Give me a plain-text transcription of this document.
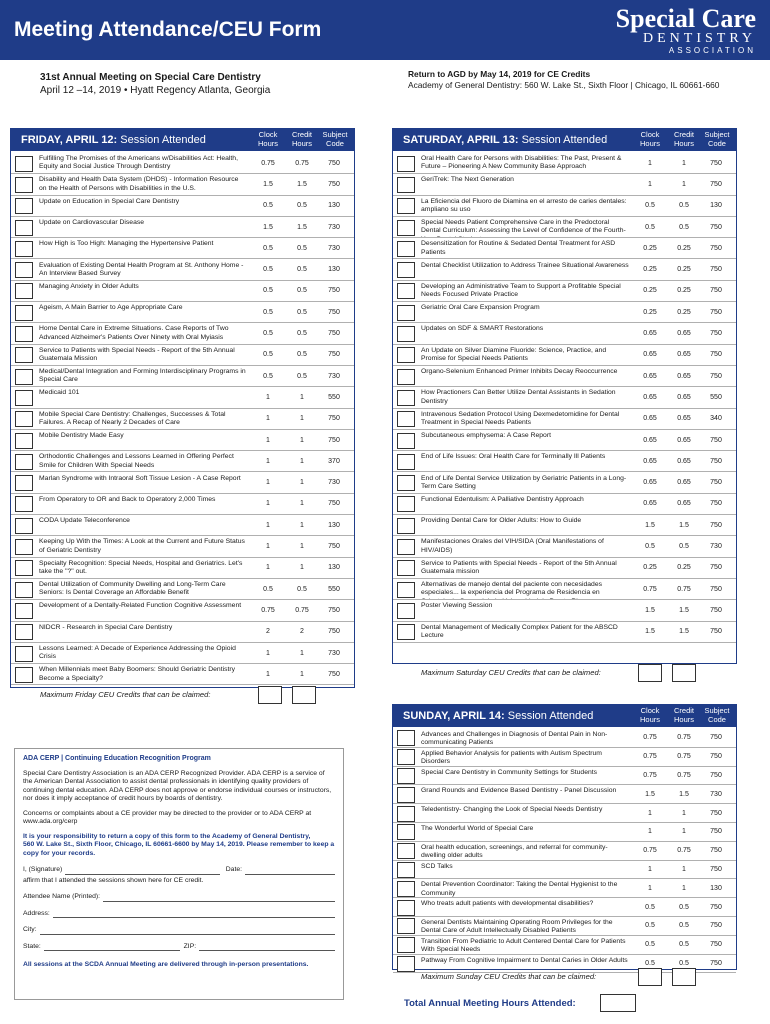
Meeting Attendance/CEU Form	Special Care
DENTISTRY
ASSOCIATION
31st Annual Meeting on Special Care Dentistry
April 12 –14, 2019 • Hyatt Regency Atlanta, Georgia
Return to AGD by May 14, 2019 for CE Credits
Academy of General Dentistry: 560 W. Lake St., Sixth Floor | Chicago, IL 60661-660
FRIDAY, APRIL 12: Session Attended	Clock Hours
Credit Hours
Subject Code
Fulfilling The Promises of the Americans w/Disabilities Act: Health, Equity and Social Justice Through Dentistry
0.75	0.75	750
Disability and Health Data System (DHDS) - Information Resource on the Health of Persons with Disabilities in the U.S.
1.5	1.5	750
Update on Education in Special Care Dentistry
0.5	0.5	130
Update on Cardiovascular Disease
1.5	1.5	730
How High is Too High: Managing the Hypertensive Patient
0.5	0.5	730
Evaluation of Existing Dental Health Program at St. Anthony Home - An Interview Based Survey
0.5	0.5	130
Managing Anxiety in Older Adults
0.5	0.5	750
Ageism, A Main Barrier to Age Appropriate Care
0.5	0.5	750
Home Dental Care in Extreme Situations. Case Reports of Two Advanced Alzheimer's Patients Over Ninety with Oral Myiasis
0.5	0.5	750
Service to Patients with Special Needs - Report of the 5th Annual Guatemala Mission
0.5	0.5	750
Medical/Dental Integration and Forming Interdisciplinary Programs in Special Care
0.5	0.5	730
Medicaid 101
1	1	550
Mobile Special Care Dentistry: Challenges, Successes & Total Failures. A Recap of Nearly 2 Decades of Care
1	1	750
Mobile Dentistry Made Easy
1	1	750
Orthodontic Challenges and Lessons Learned in Offering Perfect Smile for Children With Special Needs
1	1	370
Marlan Syndrome with Intraoral Soft Tissue Lesion - A Case Report
1	1	730
From Operatory to OR and Back to Operatory 2,000 Times
1	1	750
CODA Update Teleconference
1	1	130
Keeping Up With the Times: A Look at the Current and Future Status of Geriatric Dentistry
1	1	750
Specialty Recognition: Special Needs, Hospital and Geriatrics. Let's take the "?" out.
1	1	130
Dental Utilization of Community Dwelling and Long-Term Care Seniors: Is Dental Coverage an Affordable Benefit
0.5	0.5	550
Development of a Dentally-Related Function Cognitive Assessment
0.75	0.75	750
NIDCR - Research in Special Care Dentistry
2	2	750
Lessons Learned: A Decade of Experience Addressing the Opioid Crisis
1	1	730
When Millennials meet Baby Boomers: Should Geriatric Dentistry Become a Specialty?
1	1	750
Maximum Friday CEU Credits that can be claimed:
SATURDAY, APRIL 13: Session Attended	Clock Hours
Credit Hours
Subject Code
Oral Health Care for Persons with Disabilities: The Past, Present & Future – Pioneering A New Community Base Approach
1	1	750
GeriTrek: The Next Generation
1	1	750
La Eficiencia del Fluoro de Diamina en el arresto de caries dentales: ampliano su uso
0.5	0.5	130
Special Needs Patient Comprehensive Care in the Predoctoral Dental Curriculum: Assessing the Level of Confidence of the Fourth-
0.5	0.5	750
Desensitization for Routine & Sedated Dental Treatment for ASD Patients
0.25	0.25	750
Dental Checklist Utilization to Address Trainee Situational Awareness
0.25	0.25	750
Developing an Administrative Team to Support a Profitable Special Needs Focused Private Practice
0.25	0.25	750
Geriatric Oral Care Expansion Program
0.25	0.25	750
Updates on SDF & SMART Restorations
0.65	0.65	750
An Update on Silver Diamine Fluoride: Science, Practice, and Promise for Special Needs Patients
0.65	0.65	750
Organo-Selenium Enhanced Primer Inhibits Decay Reoccurrence
0.65	0.65	750
How Practioners Can Better Utilize Dental Assistants in Sedation Dentistry
0.65	0.65	550
Intravenous Sedation Protocol Using Dexmedetomidine for Dental Treatment in Special Needs Patients
0.65	0.65	340
Subcutaneous emphysema: A Case Report
0.65	0.65	750
End of Life Issues: Oral Health Care for Terminally Ill Patients
0.65	0.65	750
End of Life Dental Service Utilization by Geriatric Patients in a Long-Term Care Setting
0.65	0.65	750
Functional Edentulism: A Palliative Dentistry Approach
0.65	0.65	750
Providing Dental Care for Older Adults: How to Guide
1.5	1.5	750
Manifestaciones Orales del VIH/SIDA (Oral Manifestations of HIV/AIDS)
0.5	0.5	730
Service to Patients with Special Needs - Report of the 5th Annual Guatemala mission
0.25	0.25	750
Alternativas de manejo dental del paciente con necesidades especiales... la experiencia del Programa de Residencia en
0.75	0.75	750
Poster Viewing Session
1.5	1.5	750
Dental Management of Medically Complex Patient for the ABSCD Lecture
1.5	1.5	750
Maximum Saturday CEU Credits that can be claimed:
SUNDAY, APRIL 14: Session Attended	Clock Hours
Credit Hours
Subject Code
Advances and Challenges in Diagnosis of Dental Pain in Non-communicating Patients
0.75	0.75	750
Applied Behavior Analysis for patients with Autism Spectrum Disorders
0.75	0.75	750
Special Care Dentistry in Community Settings for Students	0.75	0.75	750
Grand Rounds and Evidence Based Dentistry - Panel Discussion	1.5	1.5	730
Teledentistry- Changing the Look of Special Needs Dentistry	1	1	750
The Wonderful World of Special Care	1	1	750
Oral health education, screenings, and referral for community-dwelling older adults
0.75	0.75	750
SCD Talks	1	1	750
Dental Prevention Coordinator: Taking the Dental Hygienist to the Community
1	1	130
Who treats adult patients with developmental disabilities?	0.5	0.5	750
General Dentists Maintaining Operating Room Privileges for the Dental Care of Adult Intellectually Disabled Patients
0.5	0.5	750
Transition From Pediatric to Adult Centered Dental Care for Patients With Special Needs
0.5	0.5	750
Pathway From Cognitive Impairment to Dental Caries in Older Adults	0.5	0.5	750
Maximum Sunday CEU Credits that can be claimed:

ADA CERP | Continuing Education Recognition Program

Special Care Dentistry Association is an ADA CERP Recognized Provider. ADA CERP is a service of the American Dental Association to assist dental professionals in identifying quality providers of continuing dental education. ADA CERP does not approve or endorse individual courses or instructors, nor does it imply acceptance of credit hours by boards of dentistry.

Concerns or complaints about a CE provider may be directed to the provider or to ADA CERP at www.ada.org/cerp

It is your responsibility to return a copy of this form to the Academy of General Dentistry,
560 W. Lake St., Sixth Floor, Chicago, IL 60661-6600 by May 14, 2019. Please remember to keep a copy for your records.

I, (Signature)	Date:
affirm that I attended the sessions shown here for CE credit.
Attendee Name (Printed):
Address:
City:
State:	ZIP:

All sessions at the SCDA Annual Meeting are delivered through in-person presentations.

Total Annual Meeting Hours Attended:
